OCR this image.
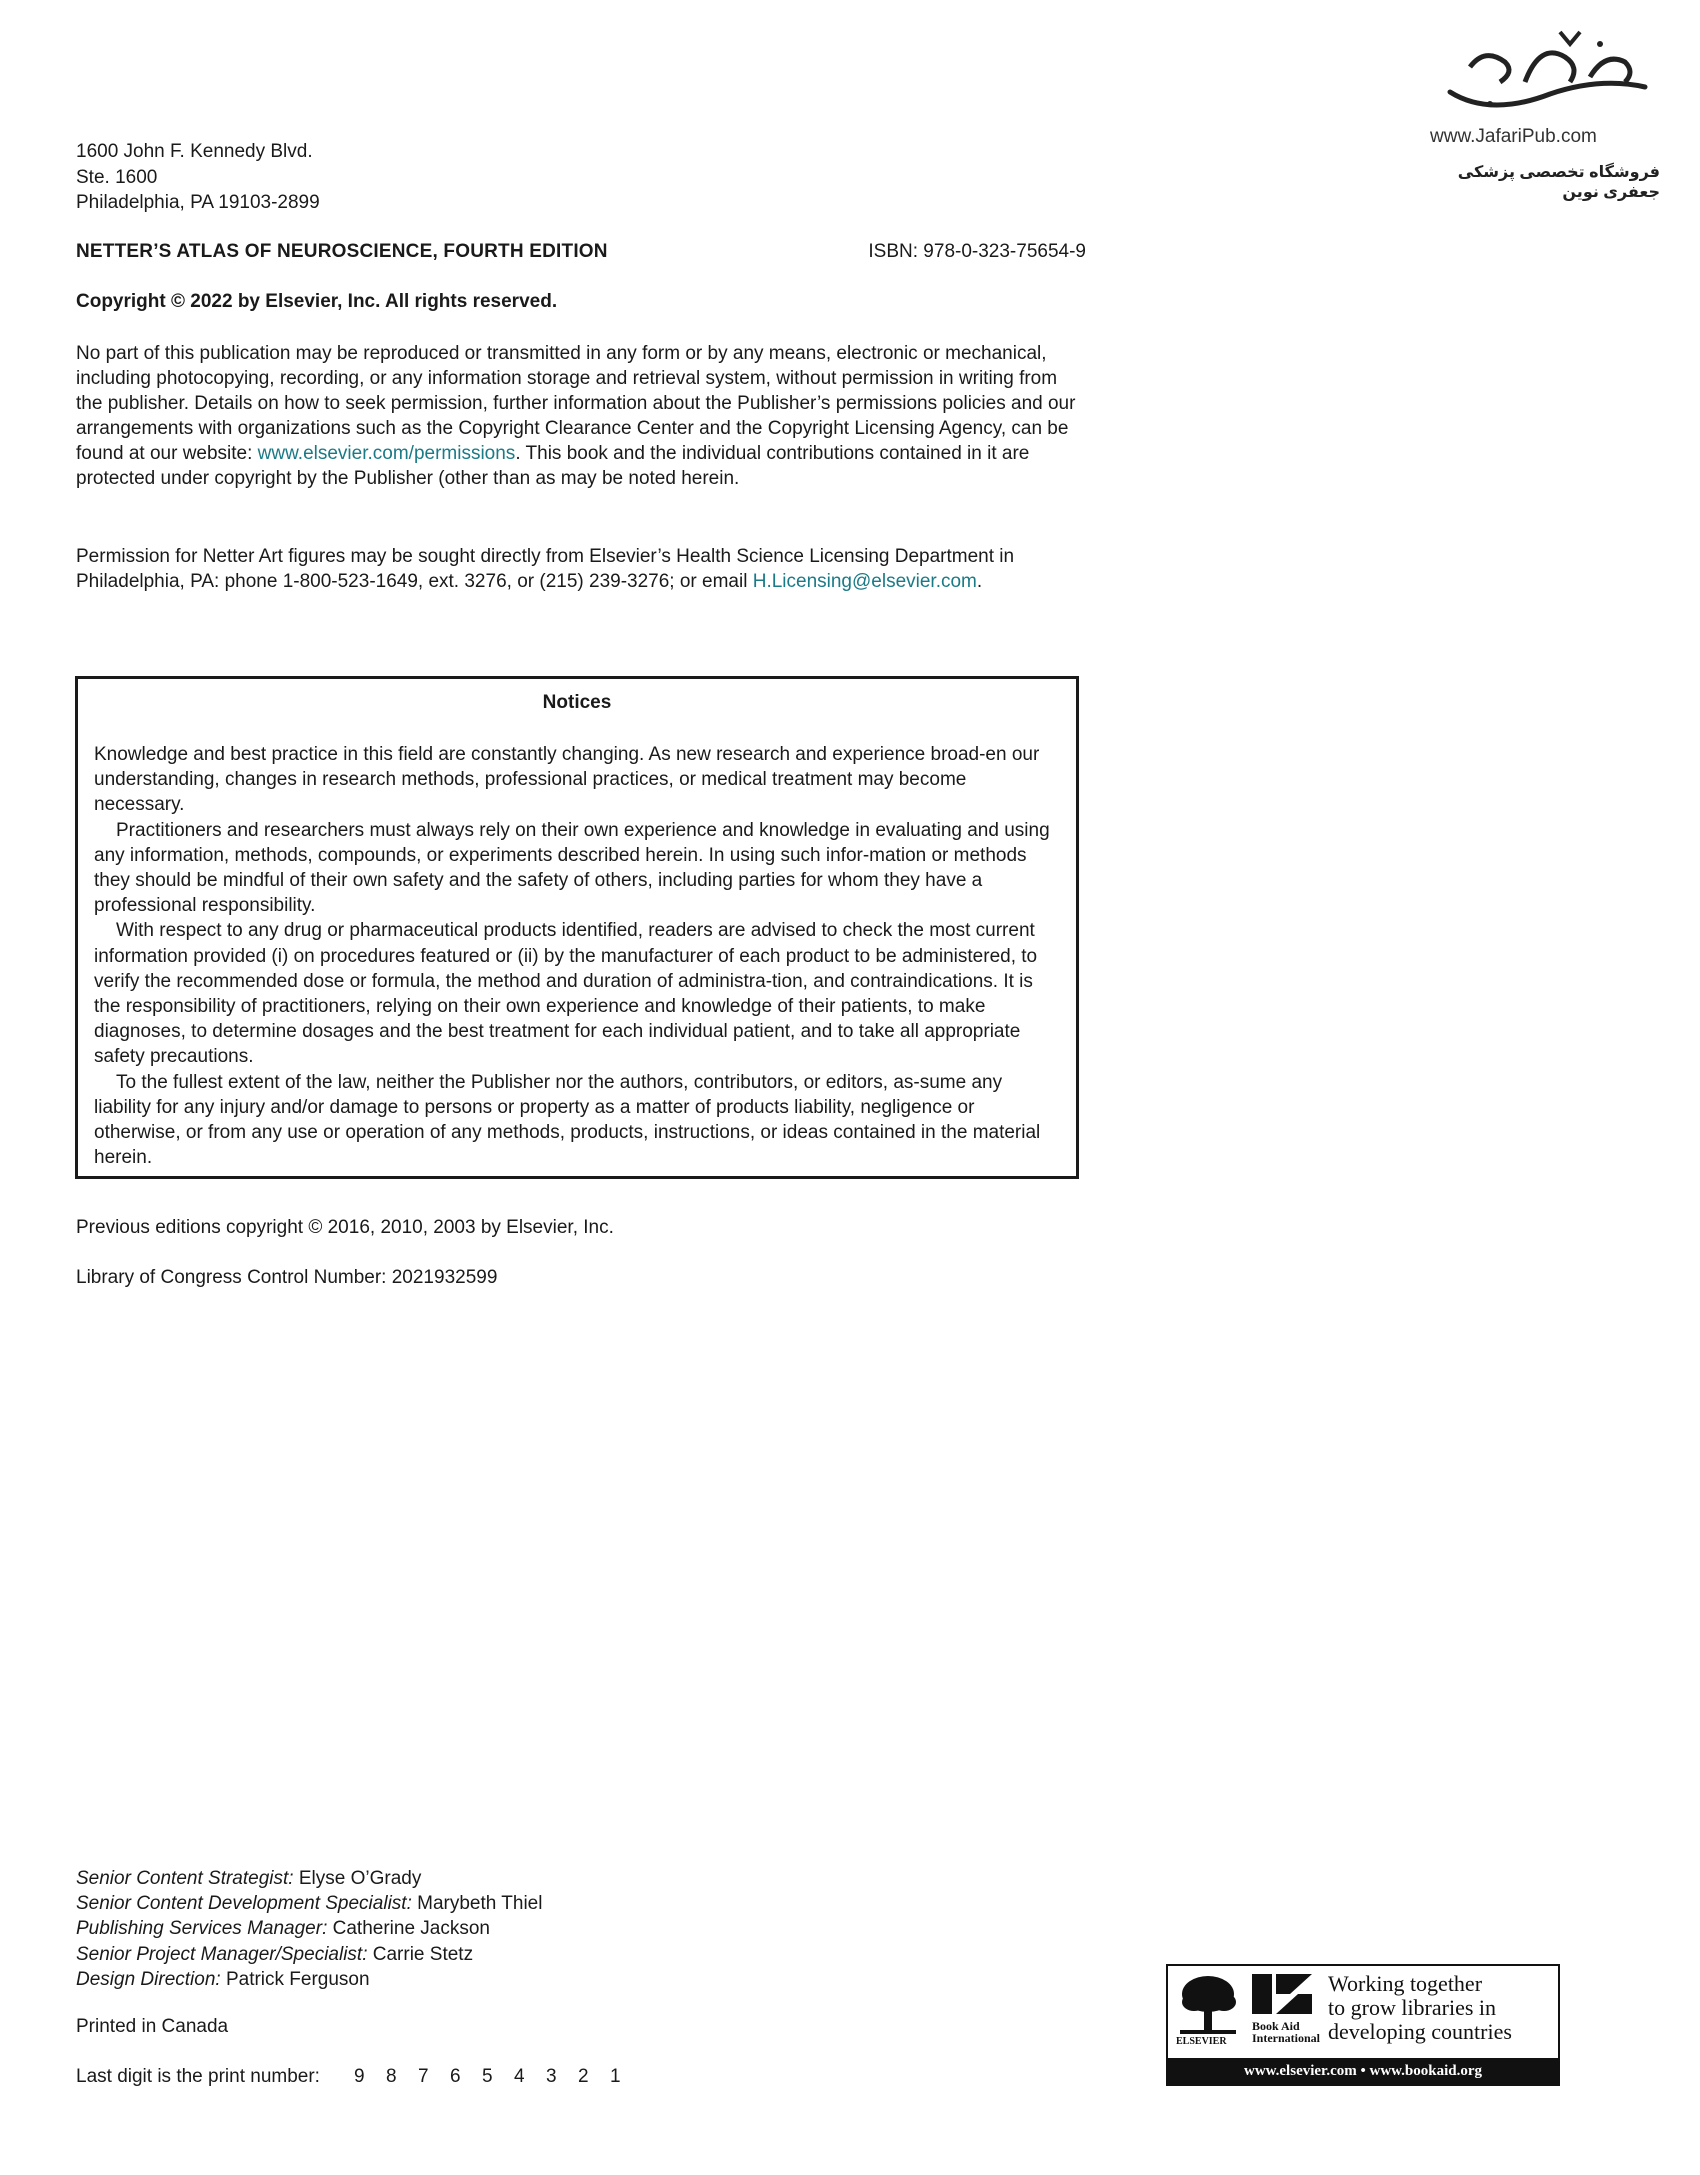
www.JafariPub.com
فروشگاه تخصصی پزشکی جعفری نوین
1600 John F. Kennedy Blvd.
Ste. 1600
Philadelphia, PA 19103-2899
NETTER’S ATLAS OF NEUROSCIENCE, FOURTH EDITION	ISBN: 978-0-323-75654-9
Copyright © 2022 by Elsevier, Inc. All rights reserved.

No part of this publication may be reproduced or transmitted in any form or by any means, electronic or mechanical, including photocopying, recording, or any information storage and retrieval system, without permission in writing from the publisher. Details on how to seek permission, further information about the Publisher’s permissions policies and our arrangements with organizations such as the Copyright Clearance Center and the Copyright Licensing Agency, can be found at our website: www.elsevier.com/permissions. This book and the individual contributions contained in it are protected under copyright by the Publisher (other than as may be noted herein.

Permission for Netter Art figures may be sought directly from Elsevier’s Health Science Licensing Department in Philadelphia, PA: phone 1-800-523-1649, ext. 3276, or (215) 239-3276; or email H.Licensing@elsevier.com.

Notices

Knowledge and best practice in this field are constantly changing. As new research and experience broad-en our understanding, changes in research methods, professional practices, or medical treatment may become necessary.

Practitioners and researchers must always rely on their own experience and knowledge in evaluating and using any information, methods, compounds, or experiments described herein. In using such infor-mation or methods they should be mindful of their own safety and the safety of others, including parties for whom they have a professional responsibility.

With respect to any drug or pharmaceutical products identified, readers are advised to check the most current information provided (i) on procedures featured or (ii) by the manufacturer of each product to be administered, to verify the recommended dose or formula, the method and duration of administra-tion, and contraindications. It is the responsibility of practitioners, relying on their own experience and knowledge of their patients, to make diagnoses, to determine dosages and the best treatment for each individual patient, and to take all appropriate safety precautions.

To the fullest extent of the law, neither the Publisher nor the authors, contributors, or editors, as-sume any liability for any injury and/or damage to persons or property as a matter of products liability, negligence or otherwise, or from any use or operation of any methods, products, instructions, or ideas contained in the material herein.

Previous editions copyright © 2016, 2010, 2003 by Elsevier, Inc.
Library of Congress Control Number: 2021932599
Senior Content Strategist: Elyse O’Grady
Senior Content Development Specialist: Marybeth Thiel
Publishing Services Manager: Catherine Jackson
Senior Project Manager/Specialist: Carrie Stetz
Design Direction: Patrick Ferguson
Printed in Canada
Last digit is the print number: 9 8 7 6 5 4 3 2 1
ELSEVIER
Book Aid
International
Working together
to grow libraries in
developing countries
www.elsevier.com • www.bookaid.org
